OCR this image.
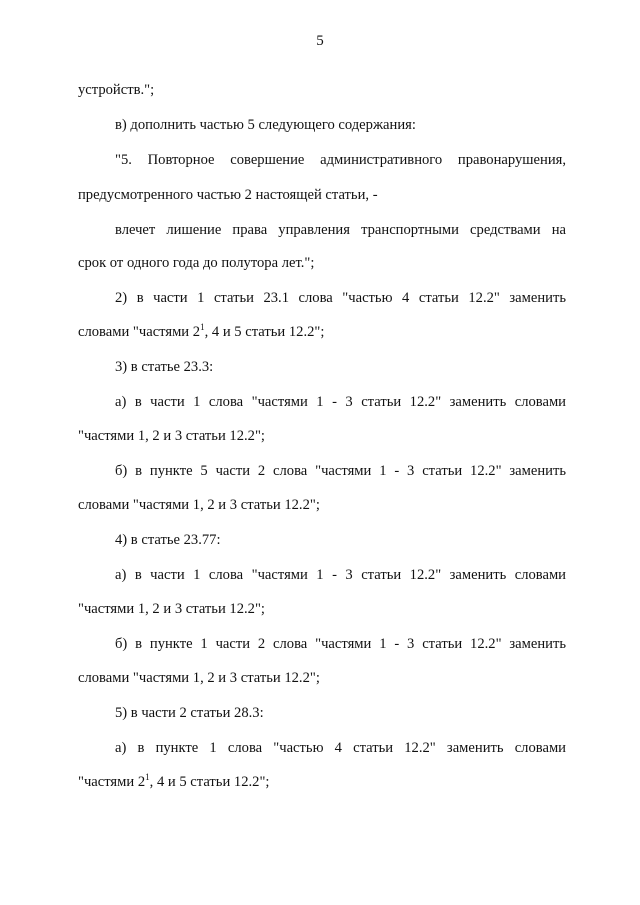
5
устройств.";
в) дополнить частью 5 следующего содержания:
"5. Повторное совершение административного правонарушения,
предусмотренного частью 2 настоящей статьи, -
влечет лишение права управления транспортными средствами на
срок от одного года до полутора лет.";
2) в части 1 статьи 23.1 слова "частью 4 статьи 12.2" заменить
словами "частями $2^1$, 4 и 5 статьи 12.2";
3) в статье 23.3:
а) в части 1 слова "частями 1 - 3 статьи 12.2" заменить словами
"частями 1, 2 и 3 статьи 12.2";
б) в пункте 5 части 2 слова "частями 1 - 3 статьи 12.2" заменить
словами "частями 1, 2 и 3 статьи 12.2";
4) в статье 23.77:
а) в части 1 слова "частями 1 - 3 статьи 12.2" заменить словами
"частями 1, 2 и 3 статьи 12.2";
б) в пункте 1 части 2 слова "частями 1 - 3 статьи 12.2" заменить
словами "частями 1, 2 и 3 статьи 12.2";
5) в части 2 статьи 28.3:
а) в пункте 1 слова "частью 4 статьи 12.2" заменить словами
"частями $2^1$, 4 и 5 статьи 12.2";
